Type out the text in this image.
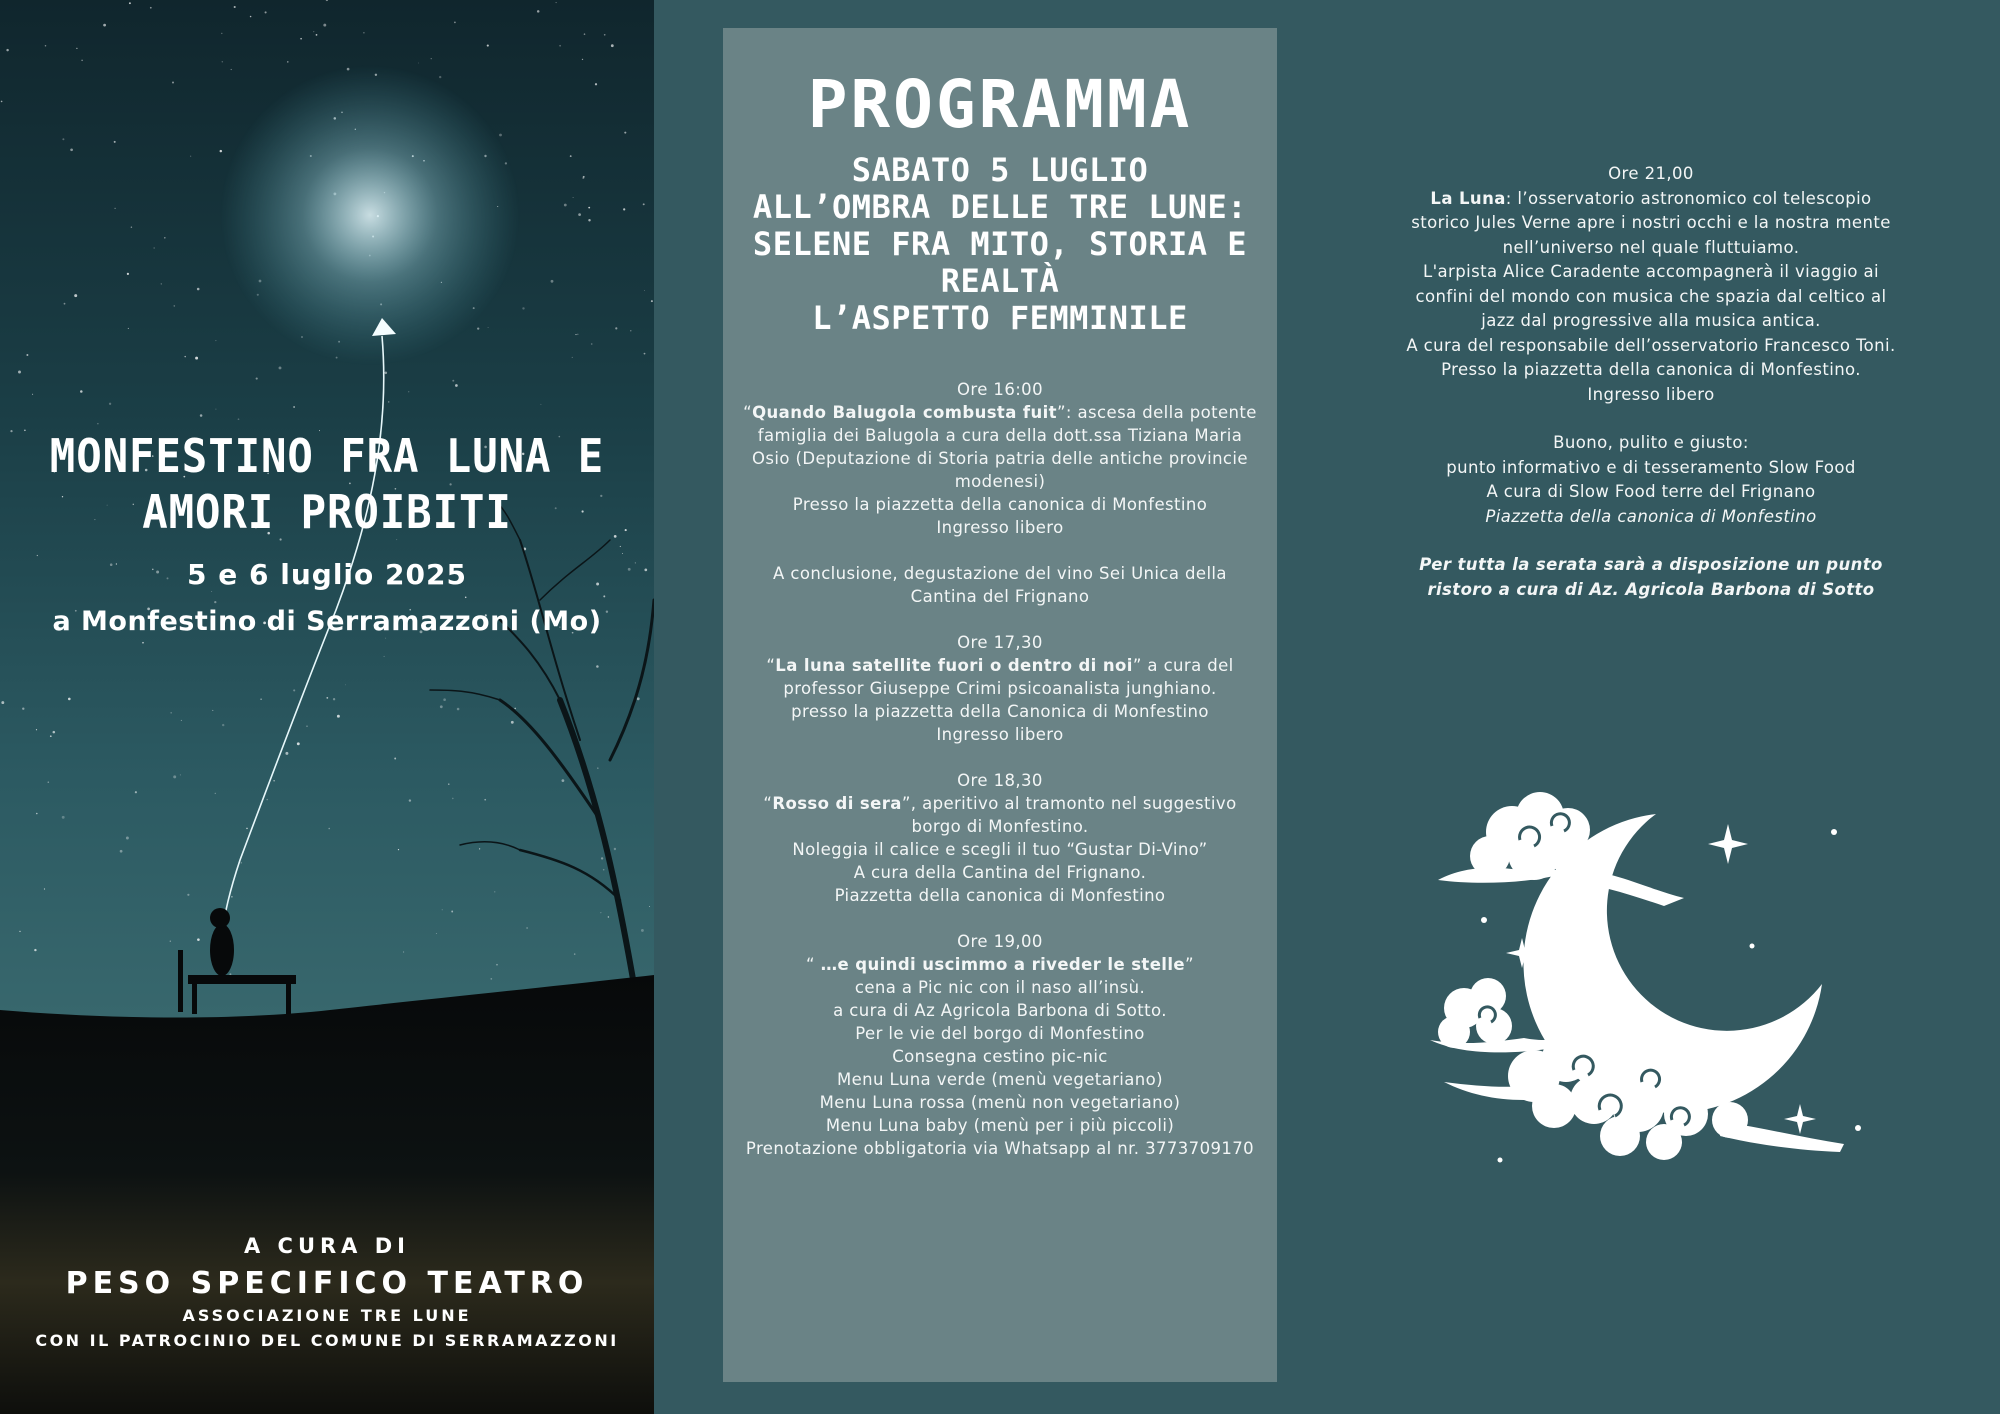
MONFESTINO FRA LUNA E
AMORI PROIBITI
5 e 6 luglio 2025
a Monfestino di Serramazzoni (Mo)
A CURA DI
PESO SPECIFICO TEATRO
ASSOCIAZIONE TRE LUNE
CON IL PATROCINIO DEL COMUNE DI SERRAMAZZONI
PROGRAMMA
SABATO 5 LUGLIO
ALL’OMBRA DELLE TRE LUNE:
SELENE FRA MITO, STORIA E
REALTÀ
L’ASPETTO FEMMINILE
Ore 16:00
“Quando Balugola combusta fuit”: ascesa della potente famiglia dei Balugola a cura della dott.ssa Tiziana Maria Osio (Deputazione di Storia patria delle antiche provincie modenesi)
Presso la piazzetta della canonica di Monfestino
Ingresso libero
A conclusione, degustazione del vino Sei Unica della Cantina del Frignano
Ore 17,30
“La luna satellite fuori o dentro di noi” a cura del professor Giuseppe Crimi psicoanalista junghiano.
presso la piazzetta della Canonica di Monfestino
Ingresso libero
Ore 18,30
“Rosso di sera”, aperitivo al tramonto nel suggestivo borgo di Monfestino.
Noleggia il calice e scegli il tuo “Gustar Di-Vino”
A cura della Cantina del Frignano.
Piazzetta della canonica di Monfestino
Ore 19,00
“ …e quindi uscimmo a riveder le stelle”
cena a Pic nic con il naso all’insù.
a cura di Az Agricola Barbona di Sotto.
Per le vie del borgo di Monfestino
Consegna cestino pic-nic
Menu Luna verde (menù vegetariano)
Menu Luna rossa (menù non vegetariano)
Menu Luna baby (menù per i più piccoli)
Prenotazione obbligatoria via Whatsapp al nr. 3773709170
Ore 21,00
La Luna: l’osservatorio astronomico col telescopio storico Jules Verne apre i nostri occhi e la nostra mente nell’universo nel quale fluttuiamo.
L'arpista Alice Caradente accompagnerà il viaggio ai confini del mondo con musica che spazia dal celtico al jazz dal progressive alla musica antica.
A cura del responsabile dell’osservatorio Francesco Toni.
Presso la piazzetta della canonica di Monfestino.
Ingresso libero
Buono, pulito e giusto:
punto informativo e di tesseramento Slow Food
A cura di Slow Food terre del Frignano
Piazzetta della canonica di Monfestino
Per tutta la serata sarà a disposizione un punto ristoro a cura di Az. Agricola Barbona di Sotto
